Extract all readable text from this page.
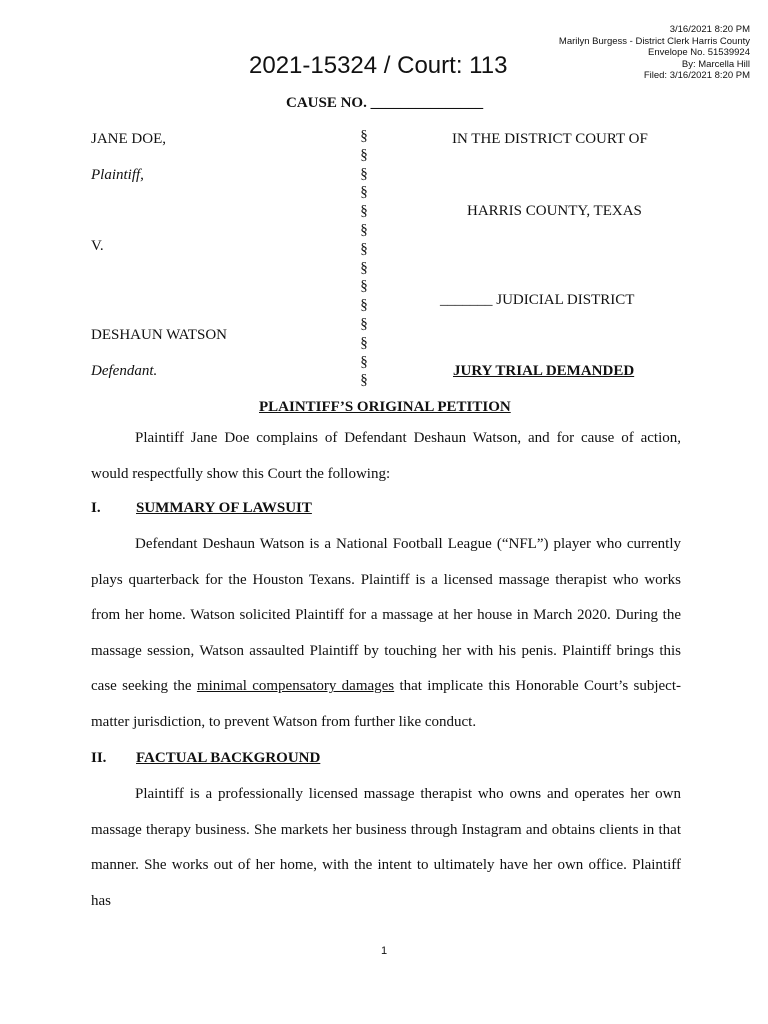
3/16/2021 8:20 PM
Marilyn Burgess - District Clerk Harris County
Envelope No. 51539924
By: Marcella Hill
Filed: 3/16/2021 8:20 PM
2021-15324 / Court: 113
CAUSE NO. _______________
JANE DOE,
Plaintiff,
V.
DESHAUN WATSON
Defendant.
§
§
§
§
§
§
§
§
§
§
§
§
§
§
IN THE DISTRICT COURT OF
HARRIS COUNTY, TEXAS
_______ JUDICIAL DISTRICT
JURY TRIAL DEMANDED
PLAINTIFF’S ORIGINAL PETITION

Plaintiff Jane Doe complains of Defendant Deshaun Watson, and for cause of action, would respectfully show this Court the following:

I. SUMMARY OF LAWSUIT

Defendant Deshaun Watson is a National Football League (“NFL”) player who currently plays quarterback for the Houston Texans. Plaintiff is a licensed massage therapist who works from her home. Watson solicited Plaintiff for a massage at her house in March 2020. During the massage session, Watson assaulted Plaintiff by touching her with his penis. Plaintiff brings this case seeking the minimal compensatory damages that implicate this Honorable Court’s subject-matter jurisdiction, to prevent Watson from further like conduct.

II. FACTUAL BACKGROUND

Plaintiff is a professionally licensed massage therapist who owns and operates her own massage therapy business. She markets her business through Instagram and obtains clients in that manner. She works out of her home, with the intent to ultimately have her own office. Plaintiff has

1
